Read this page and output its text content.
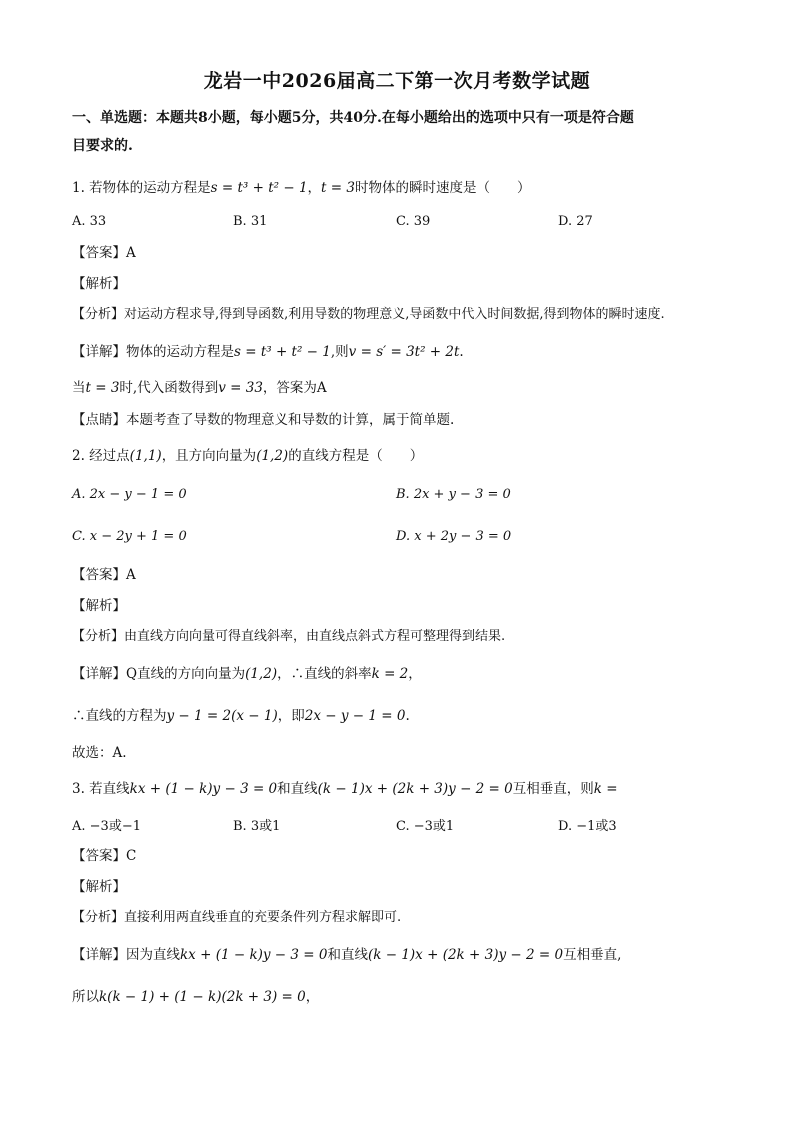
龙岩一中2026届高二下第一次月考数学试题
一、单选题：本题共8小题，每小题5分，共40分.在每小题给出的选项中只有一项是符合题
目要求的.
1. 若物体的运动方程是s = t³ + t² − 1，t = 3时物体的瞬时速度是（　　）
A. 33	B. 31	C. 39	D. 27
【答案】A
【解析】
【分析】对运动方程求导,得到导函数,利用导数的物理意义,导函数中代入时间数据,得到物体的瞬时速度.
【详解】物体的运动方程是s = t³ + t² − 1,则v = s′ = 3t² + 2t.
当t = 3时,代入函数得到v = 33，答案为A
【点睛】本题考查了导数的物理意义和导数的计算，属于简单题.
2. 经过点(1,1)，且方向向量为(1,2)的直线方程是（　　）
A. 2x − y − 1 = 0	B. 2x + y − 3 = 0
C. x − 2y + 1 = 0	D. x + 2y − 3 = 0
【答案】A
【解析】
【分析】由直线方向向量可得直线斜率，由直线点斜式方程可整理得到结果.
【详解】Q直线的方向向量为(1,2)，∴直线的斜率k = 2，
∴直线的方程为y − 1 = 2(x − 1)，即2x − y − 1 = 0.
故选：A.
3. 若直线kx + (1 − k)y − 3 = 0和直线(k − 1)x + (2k + 3)y − 2 = 0互相垂直，则k =
A. −3或−1	B. 3或1	C. −3或1	D. −1或3
【答案】C
【解析】
【分析】直接利用两直线垂直的充要条件列方程求解即可.
【详解】因为直线kx + (1 − k)y − 3 = 0和直线(k − 1)x + (2k + 3)y − 2 = 0互相垂直,
所以k(k − 1) + (1 − k)(2k + 3) = 0，
